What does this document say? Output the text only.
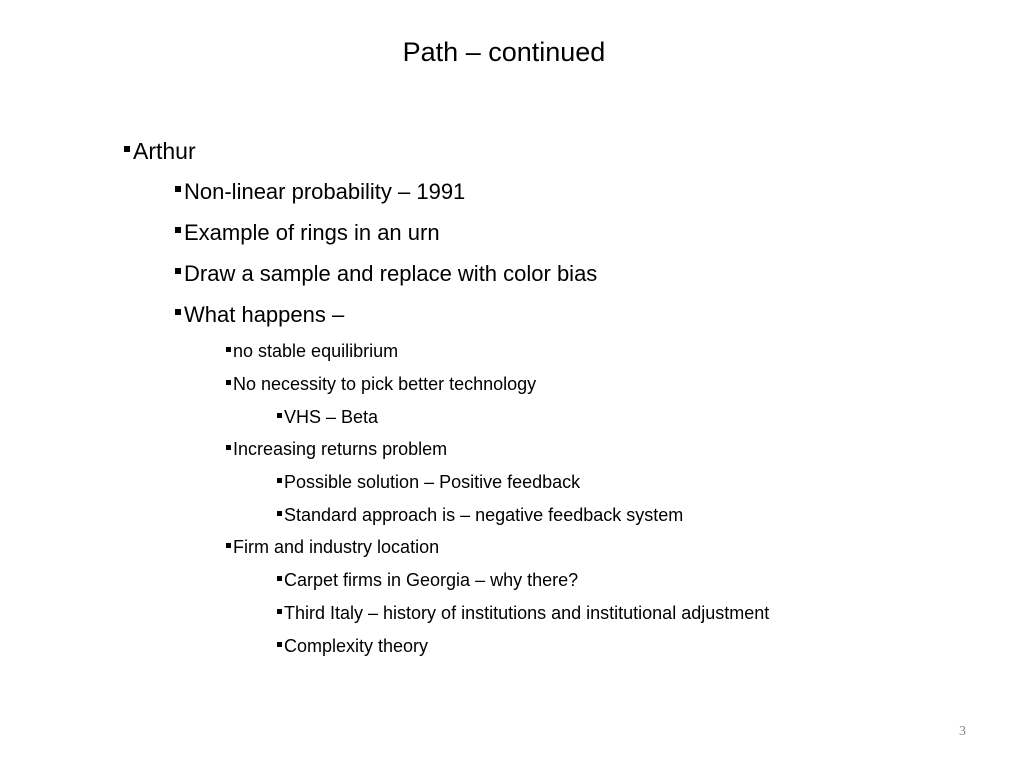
Path – continued
Arthur
Non-linear probability – 1991
Example of rings in an urn
Draw a sample and replace with color bias
What happens –
no stable equilibrium
No necessity to pick better technology
VHS – Beta
Increasing returns problem
Possible solution – Positive feedback
Standard approach is – negative feedback system
Firm and industry location
Carpet firms in Georgia – why there?
Third Italy – history of institutions and institutional adjustment
Complexity theory
3
